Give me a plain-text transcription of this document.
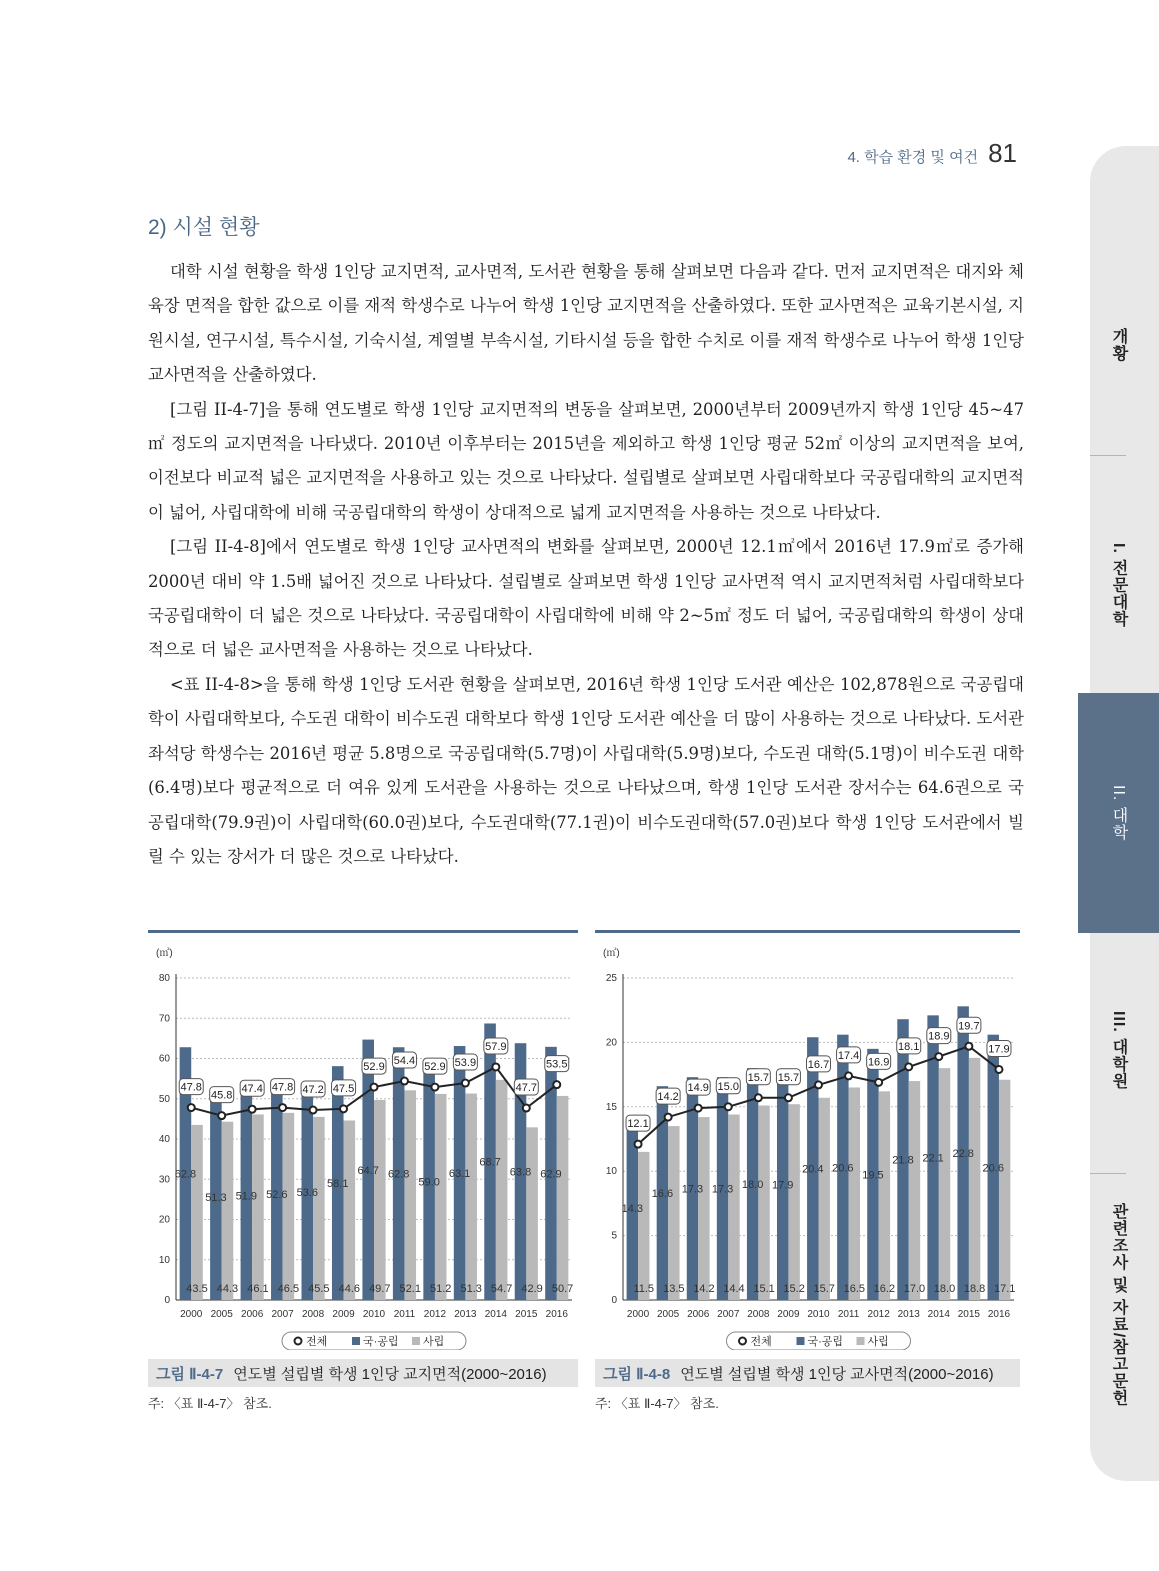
4. 학습 환경 및 여건 81
2) 시설 현황

대학 시설 현황을 학생 1인당 교지면적, 교사면적, 도서관 현황을 통해 살펴보면 다음과 같다. 먼저 교지면적은 대지와 체육장 면적을 합한 값으로 이를 재적 학생수로 나누어 학생 1인당 교지면적을 산출하였다. 또한 교사면적은 교육기본시설, 지원시설, 연구시설, 특수시설, 기숙시설, 계열별 부속시설, 기타시설 등을 합한 수치로 이를 재적 학생수로 나누어 학생 1인당 교사면적을 산출하였다.

[그림 II-4-7]을 통해 연도별로 학생 1인당 교지면적의 변동을 살펴보면, 2000년부터 2009년까지 학생 1인당 45~47㎡ 정도의 교지면적을 나타냈다. 2010년 이후부터는 2015년을 제외하고 학생 1인당 평균 52㎡ 이상의 교지면적을 보여, 이전보다 비교적 넓은 교지면적을 사용하고 있는 것으로 나타났다. 설립별로 살펴보면 사립대학보다 국공립대학의 교지면적이 넓어, 사립대학에 비해 국공립대학의 학생이 상대적으로 넓게 교지면적을 사용하는 것으로 나타났다.

[그림 II-4-8]에서 연도별로 학생 1인당 교사면적의 변화를 살펴보면, 2000년 12.1㎡에서 2016년 17.9㎡로 증가해 2000년 대비 약 1.5배 넓어진 것으로 나타났다. 설립별로 살펴보면 학생 1인당 교사면적 역시 교지면적처럼 사립대학보다 국공립대학이 더 넓은 것으로 나타났다. 국공립대학이 사립대학에 비해 약 2~5㎡ 정도 더 넓어, 국공립대학의 학생이 상대적으로 더 넓은 교사면적을 사용하는 것으로 나타났다.

<표 II-4-8>을 통해 학생 1인당 도서관 현황을 살펴보면, 2016년 학생 1인당 도서관 예산은 102,878원으로 국공립대학이 사립대학보다, 수도권 대학이 비수도권 대학보다 학생 1인당 도서관 예산을 더 많이 사용하는 것으로 나타났다. 도서관 좌석당 학생수는 2016년 평균 5.8명으로 국공립대학(5.7명)이 사립대학(5.9명)보다, 수도권 대학(5.1명)이 비수도권 대학(6.4명)보다 평균적으로 더 여유 있게 도서관을 사용하는 것으로 나타났으며, 학생 1인당 도서관 장서수는 64.6권으로 국공립대학(79.9권)이 사립대학(60.0권)보다, 수도권대학(77.1권)이 비수도권대학(57.0권)보다 학생 1인당 도서관에서 빌릴 수 있는 장서가 더 많은 것으로 나타났다.

개황
I. 전문대학
II. 대학
III. 대학원
관련조사 및 자료/참고문헌
(㎡)
0
10
20
30
40
50
60
70
80
62.8
43.5
2000
51.3
44.3
2005
51.9
46.1
2006
52.6
46.5
2007
53.6
45.5
2008
58.1
44.6
2009
64.7
49.7
2010
62.8
52.1
2011
59.0
51.2
2012
63.1
51.3
2013
68.7
54.7
2014
63.8
42.9
2015
62.9
50.7
2016
47.8
45.8
47.4 47.8 47.2 47.5
52.9
54.4
52.9 53.9
57.9
47.7
53.5
전체	국·공립 사립
그림 Ⅱ-4-7 연도별 설립별 학생 1인당 교지면적(2000~2016)
주: 〈표 Ⅱ-4-7〉 참조.
(㎡)
0
5
10
15
20
25
14.3
11.5
2000
16.6
13.5
2005
17.3
14.2
2006
17.3
14.4
2007
18.0
15.1
2008
17.9
15.2
2009
20.4
15.7
2010
20.6
16.5
2011
19.5
16.2
2012
21.8
17.0
2013
22.1
18.0
2014
22.8
18.8
2015
20.6
17.1
2016
12.1
14.2
14.9 15.0
15.7 15.7
16.7
17.4
16.9
18.1
18.9
19.7
17.9
전체	국·공립 사립
그림 Ⅱ-4-8 연도별 설립별 학생 1인당 교사면적(2000~2016)
주: 〈표 Ⅱ-4-7〉 참조.
